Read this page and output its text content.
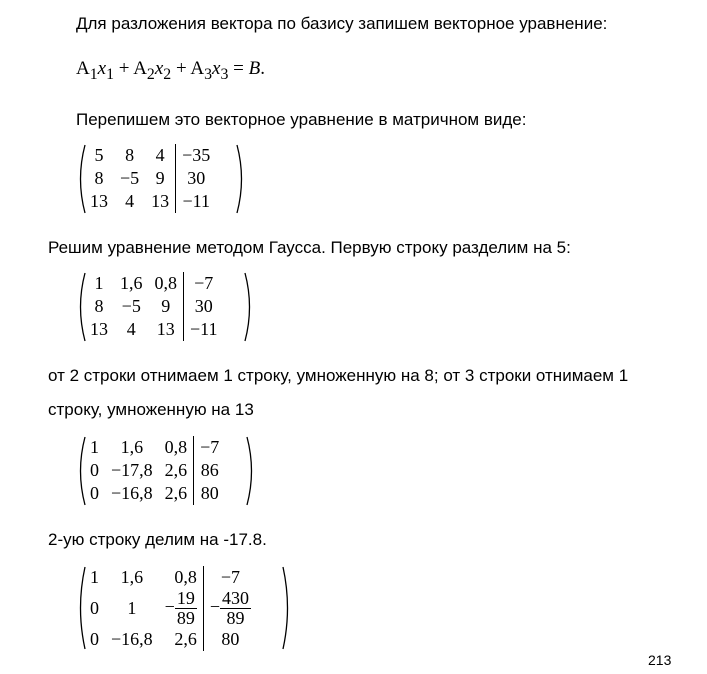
Для разложения вектора по базису запишем векторное уравнение:
$A_1x_1 + A_2x_2 + A_3x_3 = B$.
Перепишем это векторное уравнение в матричном виде:
5	8	4	−35
8	−5	9	30
13	4	13	−11
Решим уравнение методом Гаусса. Первую строку разделим на 5:
1	1,6	0,8	−7
8	−5	9	30
13	4	13	−11
от 2 строки отнимаем 1 строку, умноженную на 8; от 3 строки отнимаем 1
строку, умноженную на 13
1	1,6	0,8	−7
0	−17,8	2,6	86
0	−16,8	2,6	80
2-ую строку делим на -17.8.
1	1,6	0,8	−7
0	1	− $\frac{19}{89}$	− $\frac{430}{89}$

0	−16,8	2,6	80
213
